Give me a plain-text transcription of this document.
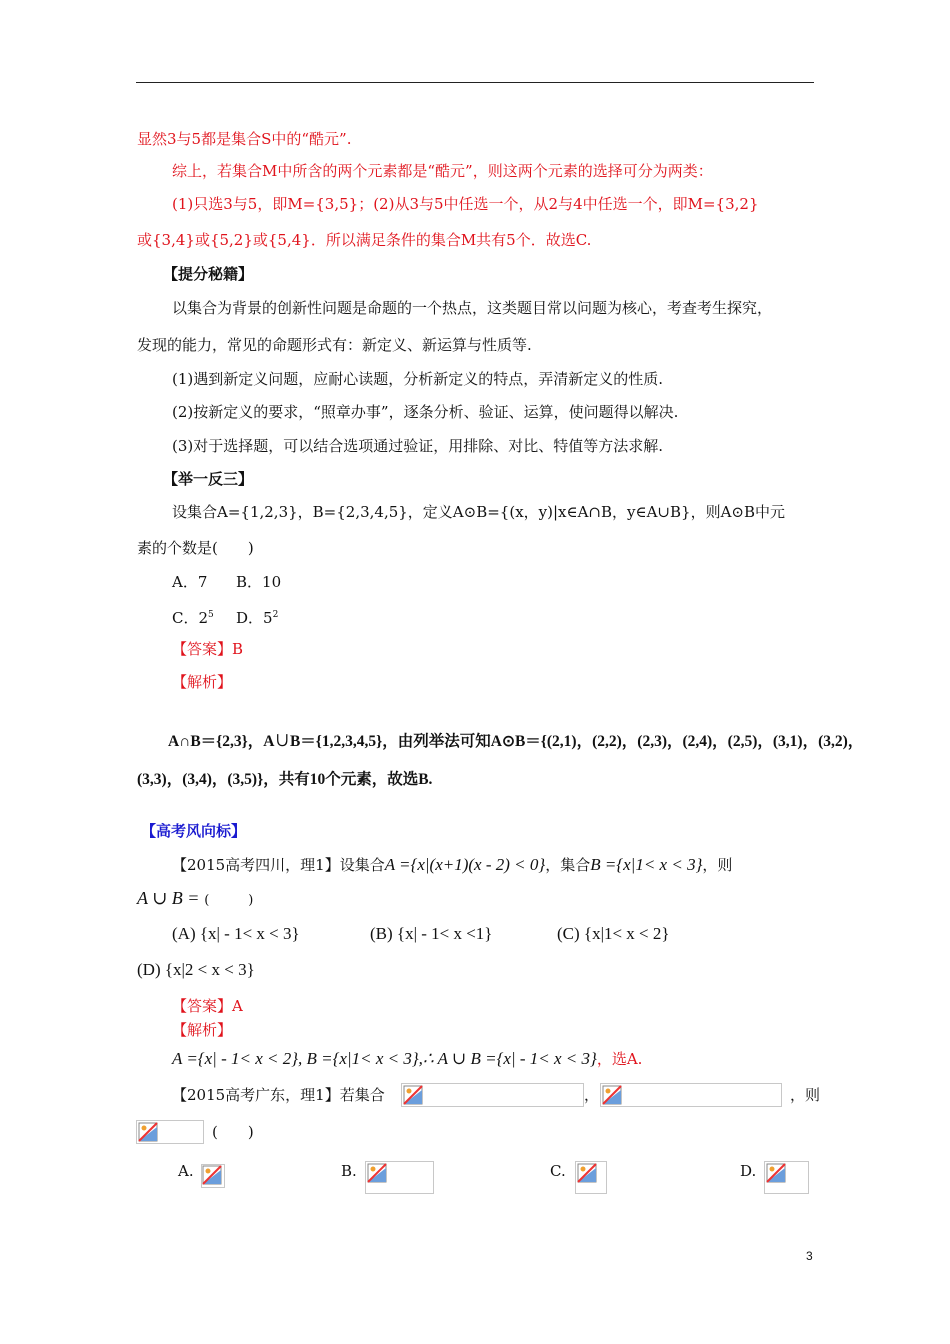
显然3与5都是集合S中的“酷元”.
综上，若集合M中所含的两个元素都是“酷元”，则这两个元素的选择可分为两类：
(1)只选3与5，即M={3,5}；(2)从3与5中任选一个，从2与4中任选一个，即M={3,2}
或{3,4}或{5,2}或{5,4}．所以满足条件的集合M共有5个．故选C.
【提分秘籍】
以集合为背景的创新性问题是命题的一个热点，这类题目常以问题为核心，考查考生探究，
发现的能力，常见的命题形式有：新定义、新运算与性质等.
(1)遇到新定义问题，应耐心读题，分析新定义的特点，弄清新定义的性质.
(2)按新定义的要求，“照章办事”，逐条分析、验证、运算，使问题得以解决.
(3)对于选择题，可以结合选项通过验证，用排除、对比、特值等方法求解.
【举一反三】
设集合A={1,2,3}，B={2,3,4,5}，定义A⊙B={(x，y)|x∈A∩B，y∈A∪B}，则A⊙B中元
素的个数是(　　)
A．7 B．10
C．$2^5$ D．$5^2$
【答案】B
【解析】
A∩B＝{2,3}，A∪B＝{1,2,3,4,5}，由列举法可知A⊙B＝{(2,1)，(2,2)，(2,3)，(2,4)，(2,5)，(3,1)，(3,2)，
(3,3)，(3,4)，(3,5)}，共有10个元素，故选B.
【高考风向标】
【2015高考四川，理1】设集合A ={x|(x+1)(x - 2) < 0}，集合B ={x|1< x < 3}，则
A ∪ B = (　　　)
(A) {x| - 1< x < 3}	(B) {x| - 1< x <1}	(C) {x|1< x < 2}
(D) {x|2 < x < 3}
【答案】A
【解析】
A ={x| - 1< x < 2}, B ={x|1< x < 3},∴ A ∪ B ={x| - 1< x < 3}，选A.
【2015高考广东，理1】若集合	，	，则
(　　)
A.	B.	C.	D.
3
